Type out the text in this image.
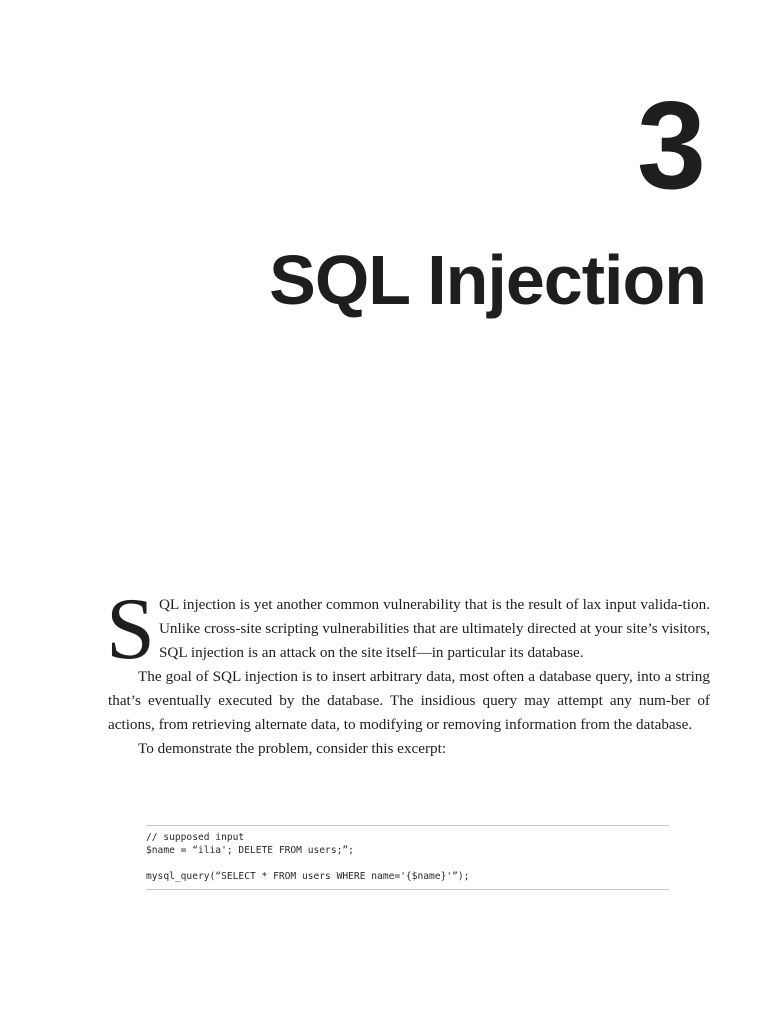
3
SQL Injection

SQL injection is yet another common vulnerability that is the result of lax input valida-tion. Unlike cross-site scripting vulnerabilities that are ultimately directed at your site’s visitors, SQL injection is an attack on the site itself—in particular its database.

The goal of SQL injection is to insert arbitrary data, most often a database query, into a string that’s eventually executed by the database. The insidious query may attempt any num-ber of actions, from retrieving alternate data, to modifying or removing information from the database.

To demonstrate the problem, consider this excerpt:

// supposed input
$name = “ilia'; DELETE FROM users;”;
mysql_query(“SELECT * FROM users WHERE name='{$name}'”);
